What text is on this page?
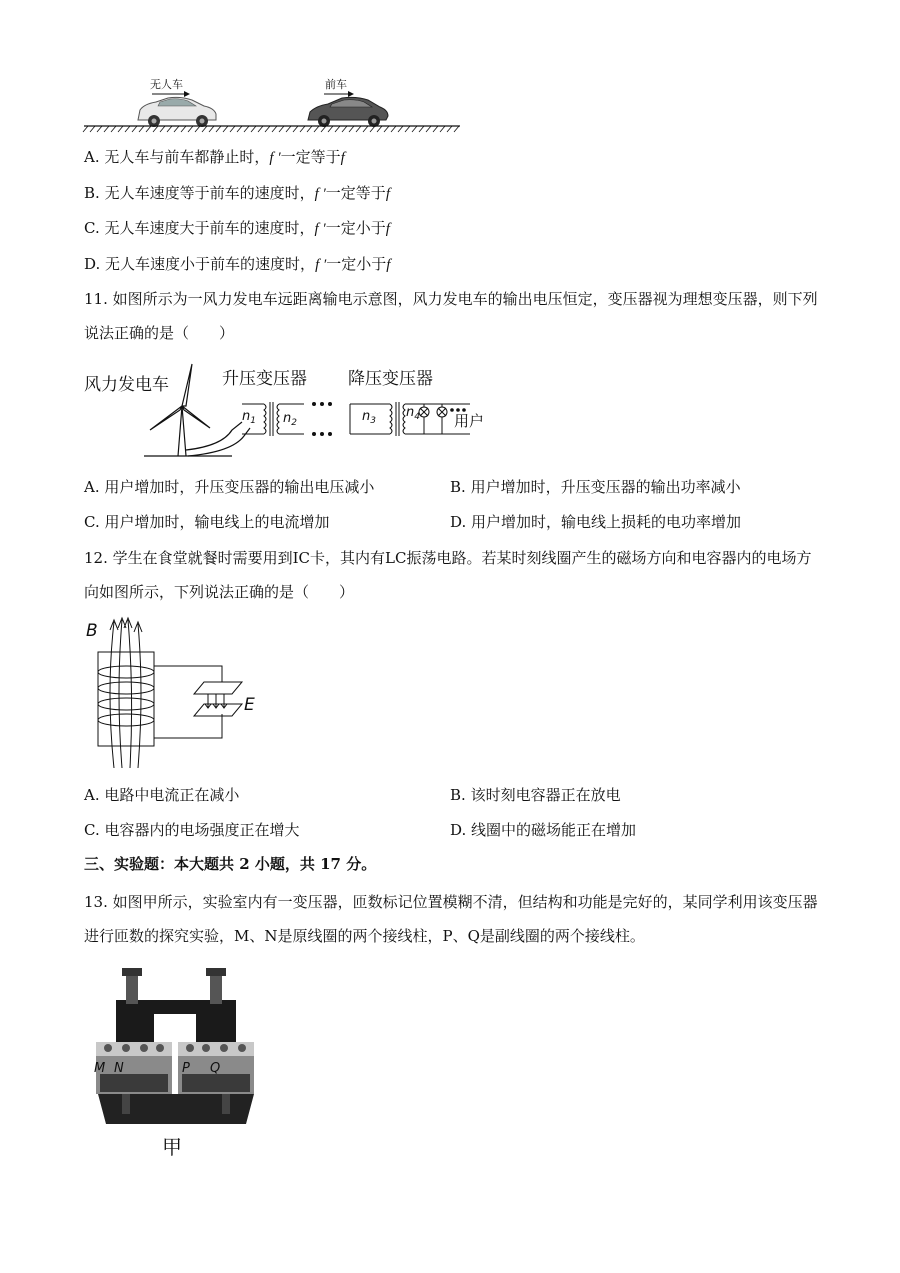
无人车	前车
A. 无人车与前车都静止时，f ′一定等于f
B. 无人车速度等于前车的速度时，f ′一定等于f
C. 无人车速度大于前车的速度时，f ′一定小于f
D. 无人车速度小于前车的速度时，f ′一定小于f
11. 如图所示为一风力发电车远距离输电示意图，风力发电车的输出电压恒定，变压器视为理想变压器，则下列说法正确的是（　　）
风力发电车	升压变压器 降压变压器
$n_1$ $n_2$	$n_3$
$n_4$ 用户
A. 用户增加时，升压变压器的输出电压减小	B. 用户增加时，升压变压器的输出功率减小
C. 用户增加时，输电线上的电流增加	D. 用户增加时，输电线上损耗的电功率增加
12. 学生在食堂就餐时需要用到IC卡，其内有LC振荡电路。若某时刻线圈产生的磁场方向和电容器内的电场方向如图所示，下列说法正确的是（　　）
B
E
A. 电路中电流正在减小	B. 该时刻电容器正在放电
C. 电容器内的电场强度正在增大	D. 线圈中的磁场能正在增加
三、实验题：本大题共 2 小题，共 17 分。
13. 如图甲所示，实验室内有一变压器，匝数标记位置模糊不清，但结构和功能是完好的，某同学利用该变压器进行匝数的探究实验，M、N是原线圈的两个接线柱，P、Q是副线圈的两个接线柱。
M N	P Q
甲
